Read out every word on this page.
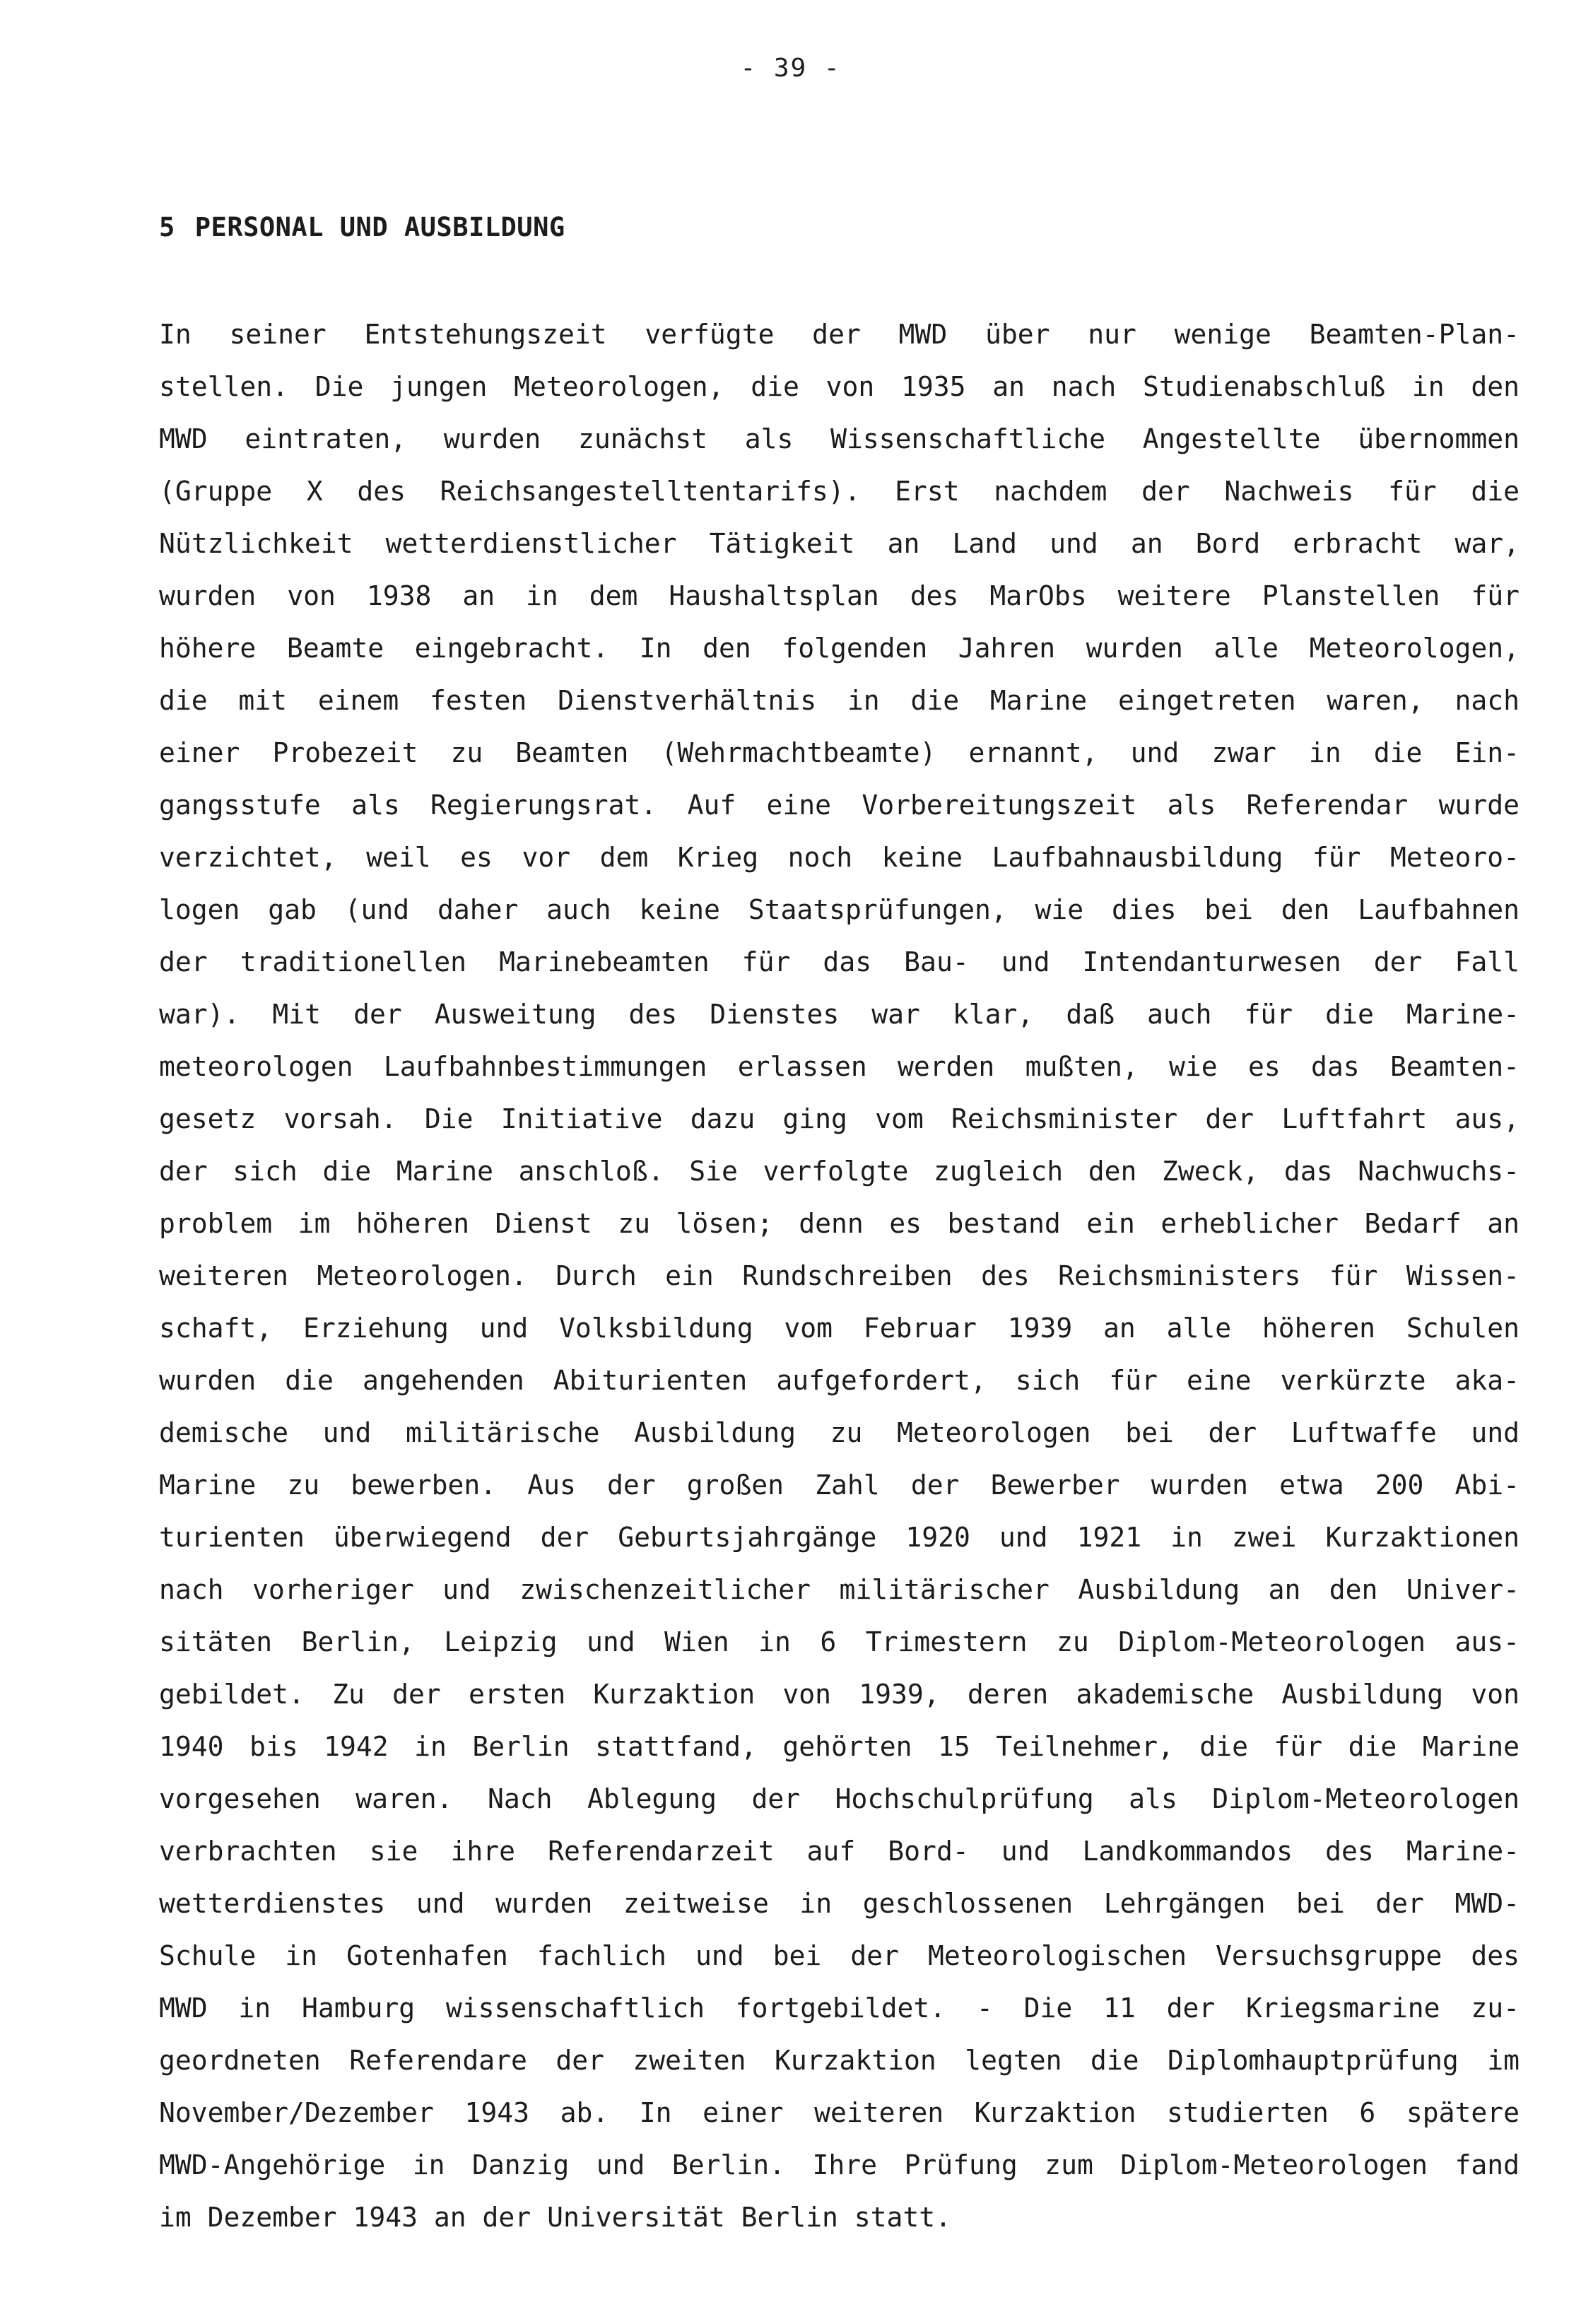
- 39 -
5 PERSONAL UND AUSBILDUNG
In seiner Entstehungszeit verfügte der MWD über nur wenige Beamten-Plan-
stellen. Die jungen Meteorologen, die von 1935 an nach Studienabschluß in den
MWD eintraten, wurden zunächst als Wissenschaftliche Angestellte übernommen
(Gruppe X des Reichsangestelltentarifs). Erst nachdem der Nachweis für die
Nützlichkeit wetterdienstlicher Tätigkeit an Land und an Bord erbracht war,
wurden von 1938 an in dem Haushaltsplan des MarObs weitere Planstellen für
höhere Beamte eingebracht. In den folgenden Jahren wurden alle Meteorologen,
die mit einem festen Dienstverhältnis in die Marine eingetreten waren, nach
einer Probezeit zu Beamten (Wehrmachtbeamte) ernannt, und zwar in die Ein-
gangsstufe als Regierungsrat. Auf eine Vorbereitungszeit als Referendar wurde
verzichtet, weil es vor dem Krieg noch keine Laufbahnausbildung für Meteoro-
logen gab (und daher auch keine Staatsprüfungen, wie dies bei den Laufbahnen
der traditionellen Marinebeamten für das Bau- und Intendanturwesen der Fall
war). Mit der Ausweitung des Dienstes war klar, daß auch für die Marine-
meteorologen Laufbahnbestimmungen erlassen werden mußten, wie es das Beamten-
gesetz vorsah. Die Initiative dazu ging vom Reichsminister der Luftfahrt aus,
der sich die Marine anschloß. Sie verfolgte zugleich den Zweck, das Nachwuchs-
problem im höheren Dienst zu lösen; denn es bestand ein erheblicher Bedarf an
weiteren Meteorologen. Durch ein Rundschreiben des Reichsministers für Wissen-
schaft, Erziehung und Volksbildung vom Februar 1939 an alle höheren Schulen
wurden die angehenden Abiturienten aufgefordert, sich für eine verkürzte aka-
demische und militärische Ausbildung zu Meteorologen bei der Luftwaffe und
Marine zu bewerben. Aus der großen Zahl der Bewerber wurden etwa 200 Abi-
turienten überwiegend der Geburtsjahrgänge 1920 und 1921 in zwei Kurzaktionen
nach vorheriger und zwischenzeitlicher militärischer Ausbildung an den Univer-
sitäten Berlin, Leipzig und Wien in 6 Trimestern zu Diplom-Meteorologen aus-
gebildet. Zu der ersten Kurzaktion von 1939, deren akademische Ausbildung von
1940 bis 1942 in Berlin stattfand, gehörten 15 Teilnehmer, die für die Marine
vorgesehen waren. Nach Ablegung der Hochschulprüfung als Diplom-Meteorologen
verbrachten sie ihre Referendarzeit auf Bord- und Landkommandos des Marine-
wetterdienstes und wurden zeitweise in geschlossenen Lehrgängen bei der MWD-
Schule in Gotenhafen fachlich und bei der Meteorologischen Versuchsgruppe des
MWD in Hamburg wissenschaftlich fortgebildet. - Die 11 der Kriegsmarine zu-
geordneten Referendare der zweiten Kurzaktion legten die Diplomhauptprüfung im
November/Dezember 1943 ab. In einer weiteren Kurzaktion studierten 6 spätere
MWD-Angehörige in Danzig und Berlin. Ihre Prüfung zum Diplom-Meteorologen fand
im Dezember 1943 an der Universität Berlin statt.
